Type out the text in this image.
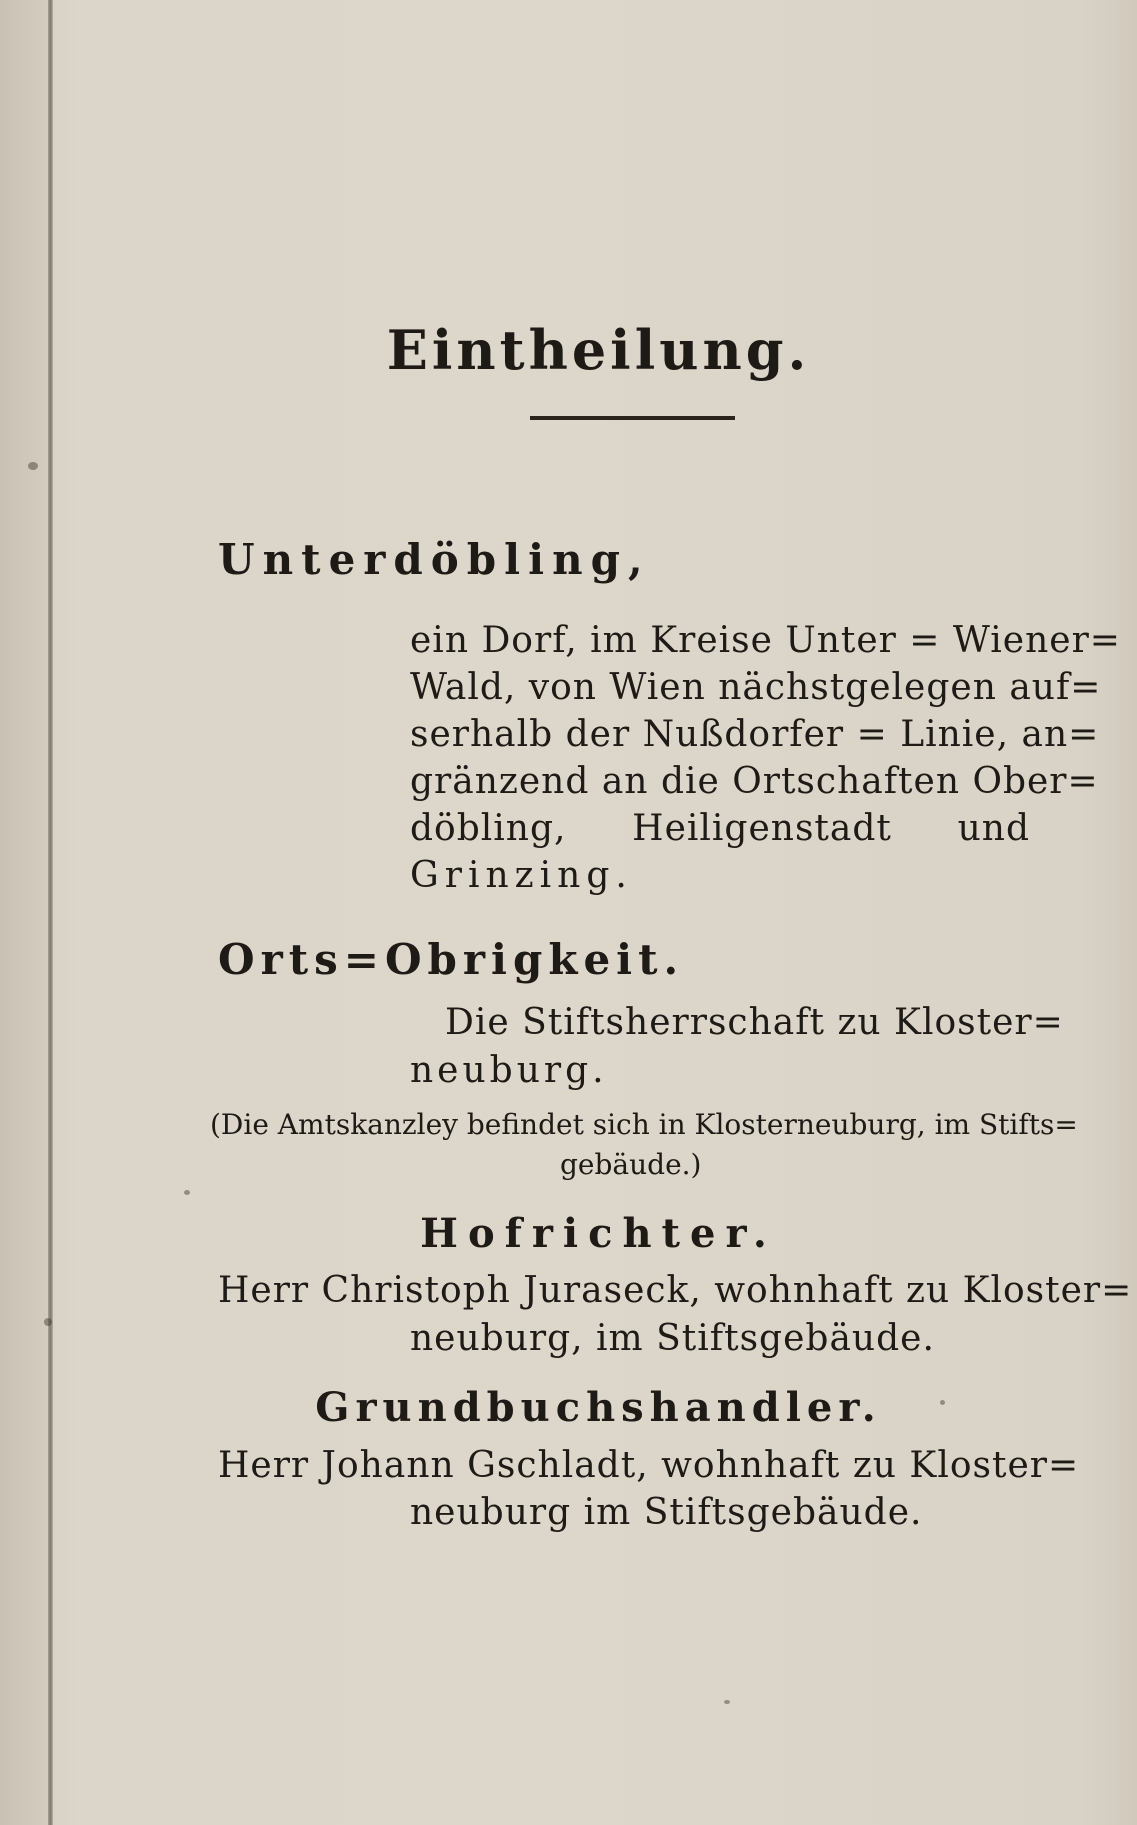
Eintheilung.
Unterdöbling,
ein Dorf, im Kreise Unter = Wiener=
Wald, von Wien nächstgelegen auf=
serhalb der Nußdorfer = Linie, an=
gränzend an die Ortschaften Ober=
döbling, Heiligenstadt und
Grinzing.
Orts=Obrigkeit.
Die Stiftsherrschaft zu Kloster=
neuburg.
(Die Amtskanzley befindet sich in Klosterneuburg, im Stifts=
gebäude.)
Hofrichter.
Herr Christoph Juraseck, wohnhaft zu Kloster=
neuburg, im Stiftsgebäude.
Grundbuchshandler.
Herr Johann Gschladt, wohnhaft zu Kloster=
neuburg im Stiftsgebäude.
